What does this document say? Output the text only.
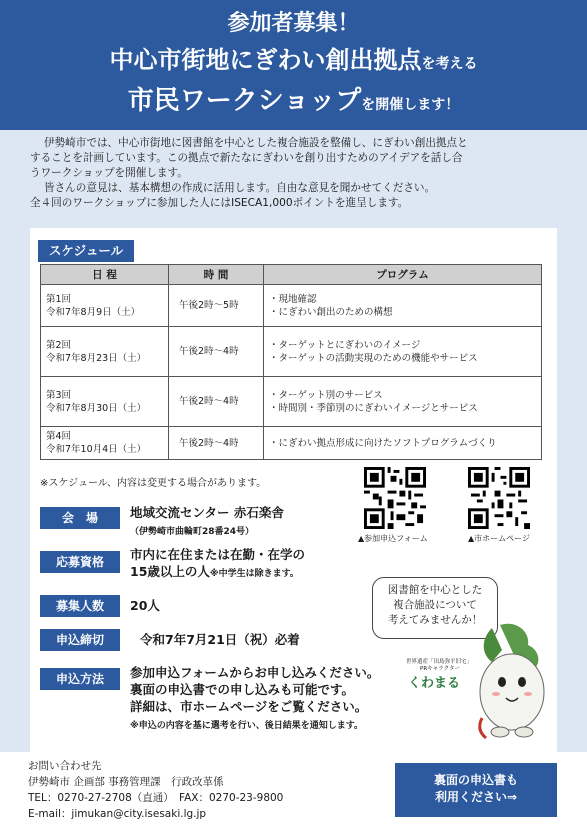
参加者募集！
中心市街地にぎわい創出拠点を考える
市民ワークショップを開催します！

伊勢崎市では、中心市街地に図書館を中心とした複合施設を整備し、にぎわい創出拠点と

することを計画しています。この拠点で新たなにぎわいを創り出すためのアイデアを話し合

うワークショップを開催します。

皆さんの意見は、基本構想の作成に活用します。自由な意見を聞かせてください。

全４回のワークショップに参加した人にはISECA1,000ポイントを進呈します。

スケジュール
日 程	時 間	プログラム
第1回
令和7年8月9日（土）	午後2時～5時	・現地確認
・にぎわい創出のための構想
第2回
令和7年8月23日（土）	午後2時～4時	・ターゲットとにぎわいのイメージ
・ターゲットの活動実現のための機能やサービス
第3回
令和7年8月30日（土）	午後2時～4時	・ターゲット別のサービス
・時間別・季節別のにぎわいイメージとサービス
第4回
令和7年10月4日（土）	午後2時～4時	・にぎわい拠点形成に向けたソフトプログラムづくり
※スケジュール、内容は変更する場合があります。
会　場	地域交流センター 赤石楽舎
（伊勢崎市曲輪町28番24号）
応募資格	市内に在住または在勤・在学の
15歳以上の人※中学生は除きます。
募集人数	20人
申込締切	令和7年7月21日（祝）必着
申込方法	参加申込フォームからお申し込みください。
裏面の申込書での申し込みも可能です。
詳細は、市ホームページをご覧ください。
※申込の内容を基に選考を行い、後日結果を通知します。
▲参加申込フォーム	▲市ホームページ
図書館を中心とした
複合施設について
考えてみませんか！
世界遺産「田島弥平旧宅」
PRキャラクター
くわまる
お問い合わせ先
伊勢崎市 企画部 事務管理課　行政改革係
TEL：0270-27-2708（直通）　FAX：0270-23-9800
E-mail：jimukan@city.isesaki.lg.jp
裏面の申込書も
利用ください⇒
